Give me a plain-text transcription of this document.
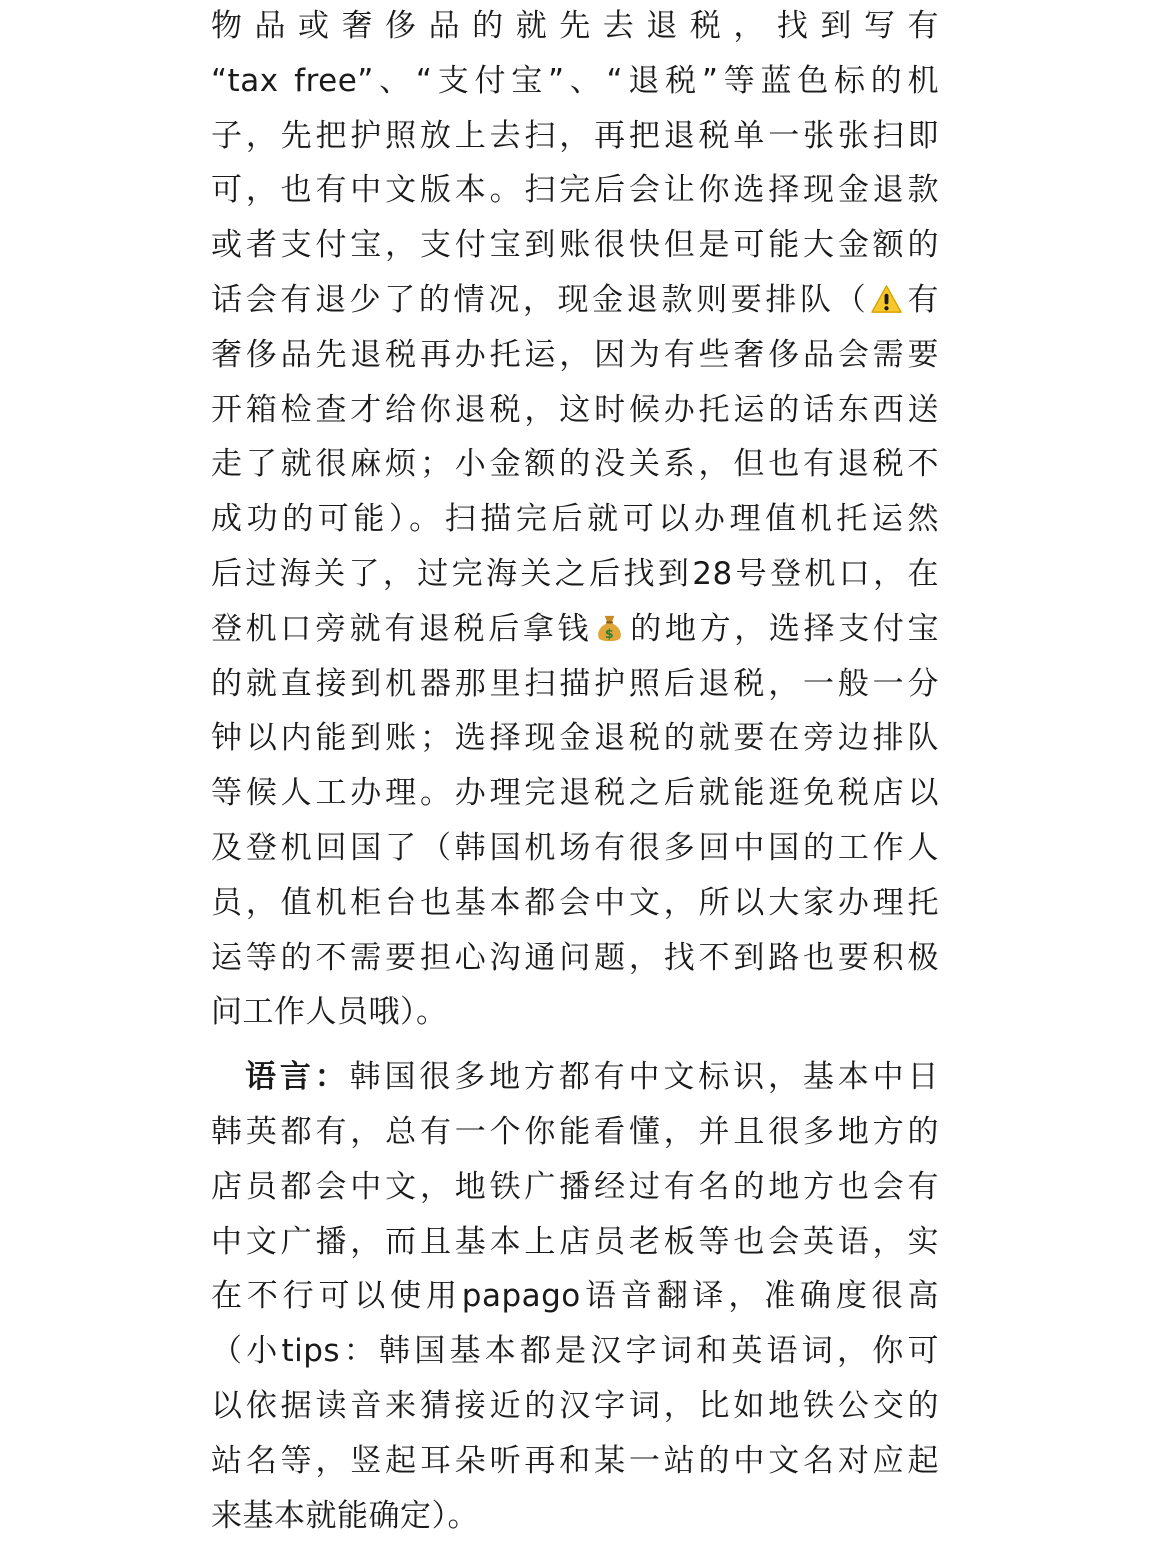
物品或奢侈品的就先去退税，找到写有
“tax free”、“支付宝”、“退税”等蓝色标的机
子，先把护照放上去扫，再把退税单一张张扫即
可，也有中文版本。扫完后会让你选择现金退款
或者支付宝，支付宝到账很快但是可能大金额的
话会有退少了的情况，现金退款则要排队（ 有
奢侈品先退税再办托运，因为有些奢侈品会需要
开箱检查才给你退税，这时候办托运的话东西送
走了就很麻烦；小金额的没关系，但也有退税不
成功的可能）。扫描完后就可以办理值机托运然
后过海关了，过完海关之后找到28号登机口，在
登机口旁就有退税后拿钱 $ 的地方，选择支付宝
的就直接到机器那里扫描护照后退税，一般一分
钟以内能到账；选择现金退税的就要在旁边排队
等候人工办理。办理完退税之后就能逛免税店以
及登机回国了（韩国机场有很多回中国的工作人
员，值机柜台也基本都会中文，所以大家办理托
运等的不需要担心沟通问题，找不到路也要积极
问工作人员哦）。
语言：韩国很多地方都有中文标识，基本中日
韩英都有，总有一个你能看懂，并且很多地方的
店员都会中文，地铁广播经过有名的地方也会有
中文广播，而且基本上店员老板等也会英语，实
在不行可以使用papago语音翻译，准确度很高
（小tips：韩国基本都是汉字词和英语词，你可
以依据读音来猜接近的汉字词，比如地铁公交的
站名等，竖起耳朵听再和某一站的中文名对应起
来基本就能确定）。
